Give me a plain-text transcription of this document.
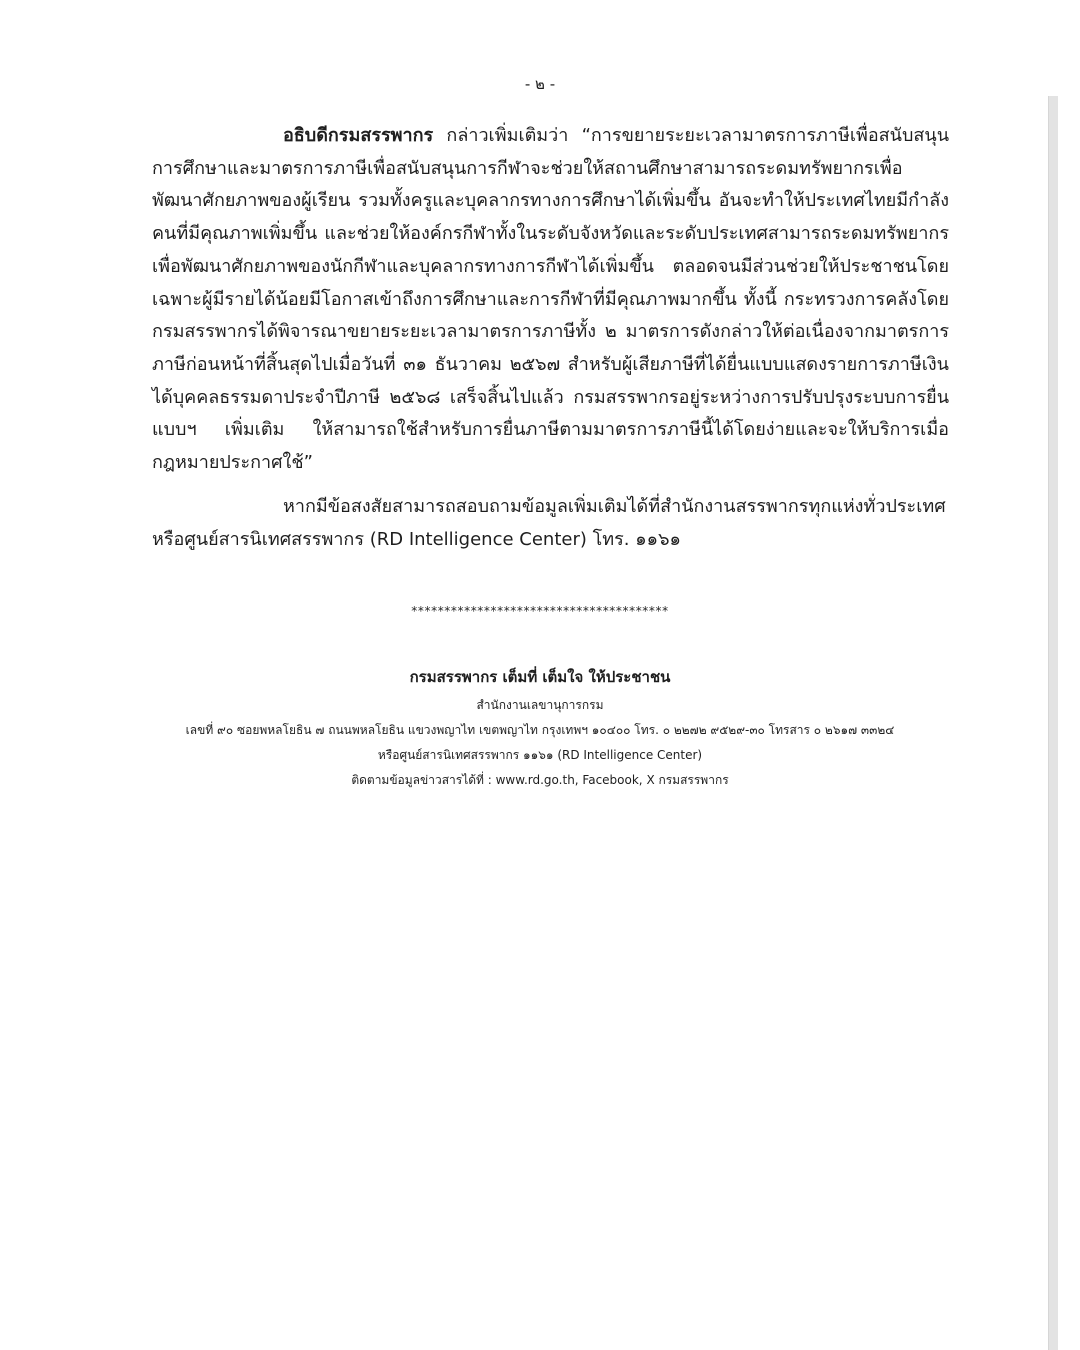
- ๒ -

อธิบดีกรมสรรพากร กล่าวเพิ่มเติมว่า “การขยายระยะเวลามาตรการภาษีเพื่อสนับสนุนการศึกษาและมาตรการภาษีเพื่อสนับสนุนการกีฬาจะช่วยให้สถานศึกษาสามารถระดมทรัพยากรเพื่อพัฒนาศักยภาพของผู้เรียน รวมทั้งครูและบุคลากรทางการศึกษาได้เพิ่มขึ้น อันจะทำให้ประเทศไทยมีกำลังคนที่มีคุณภาพเพิ่มขึ้น และช่วยให้องค์กรกีฬาทั้งในระดับจังหวัดและระดับประเทศสามารถระดมทรัพยากรเพื่อพัฒนาศักยภาพของนักกีฬาและบุคลากรทางการกีฬาได้เพิ่มขึ้น ตลอดจนมีส่วนช่วยให้ประชาชนโดยเฉพาะผู้มีรายได้น้อยมีโอกาสเข้าถึงการศึกษาและการกีฬาที่มีคุณภาพมากขึ้น ทั้งนี้ กระทรวงการคลังโดยกรมสรรพากรได้พิจารณาขยายระยะเวลามาตรการภาษีทั้ง ๒ มาตรการดังกล่าวให้ต่อเนื่องจากมาตรการภาษีก่อนหน้าที่สิ้นสุดไปเมื่อวันที่ ๓๑ ธันวาคม ๒๕๖๗ สำหรับผู้เสียภาษีที่ได้ยื่นแบบแสดงรายการภาษีเงินได้บุคคลธรรมดาประจำปีภาษี ๒๕๖๘ เสร็จสิ้นไปแล้ว กรมสรรพากรอยู่ระหว่างการปรับปรุงระบบการยื่นแบบฯ เพิ่มเติม ให้สามารถใช้สำหรับการยื่นภาษีตามมาตรการภาษีนี้ได้โดยง่ายและจะให้บริการเมื่อกฎหมายประกาศใช้”

หากมีข้อสงสัยสามารถสอบถามข้อมูลเพิ่มเติมได้ที่สำนักงานสรรพากรทุกแห่งทั่วประเทศหรือศูนย์สารนิเทศสรรพากร (RD Intelligence Center) โทร. ๑๑๖๑

***************************************
กรมสรรพากร เต็มที่ เต็มใจ ให้ประชาชน
สำนักงานเลขานุการกรม
เลขที่ ๙๐ ซอยพหลโยธิน ๗ ถนนพหลโยธิน แขวงพญาไท เขตพญาไท กรุงเทพฯ ๑๐๔๐๐ โทร. ๐ ๒๒๗๒ ๙๕๒๙-๓๐ โทรสาร ๐ ๒๖๑๗ ๓๓๒๔
หรือศูนย์สารนิเทศสรรพากร ๑๑๖๑ (RD Intelligence Center)
ติดตามข้อมูลข่าวสารได้ที่ : www.rd.go.th, Facebook, X กรมสรรพากร
